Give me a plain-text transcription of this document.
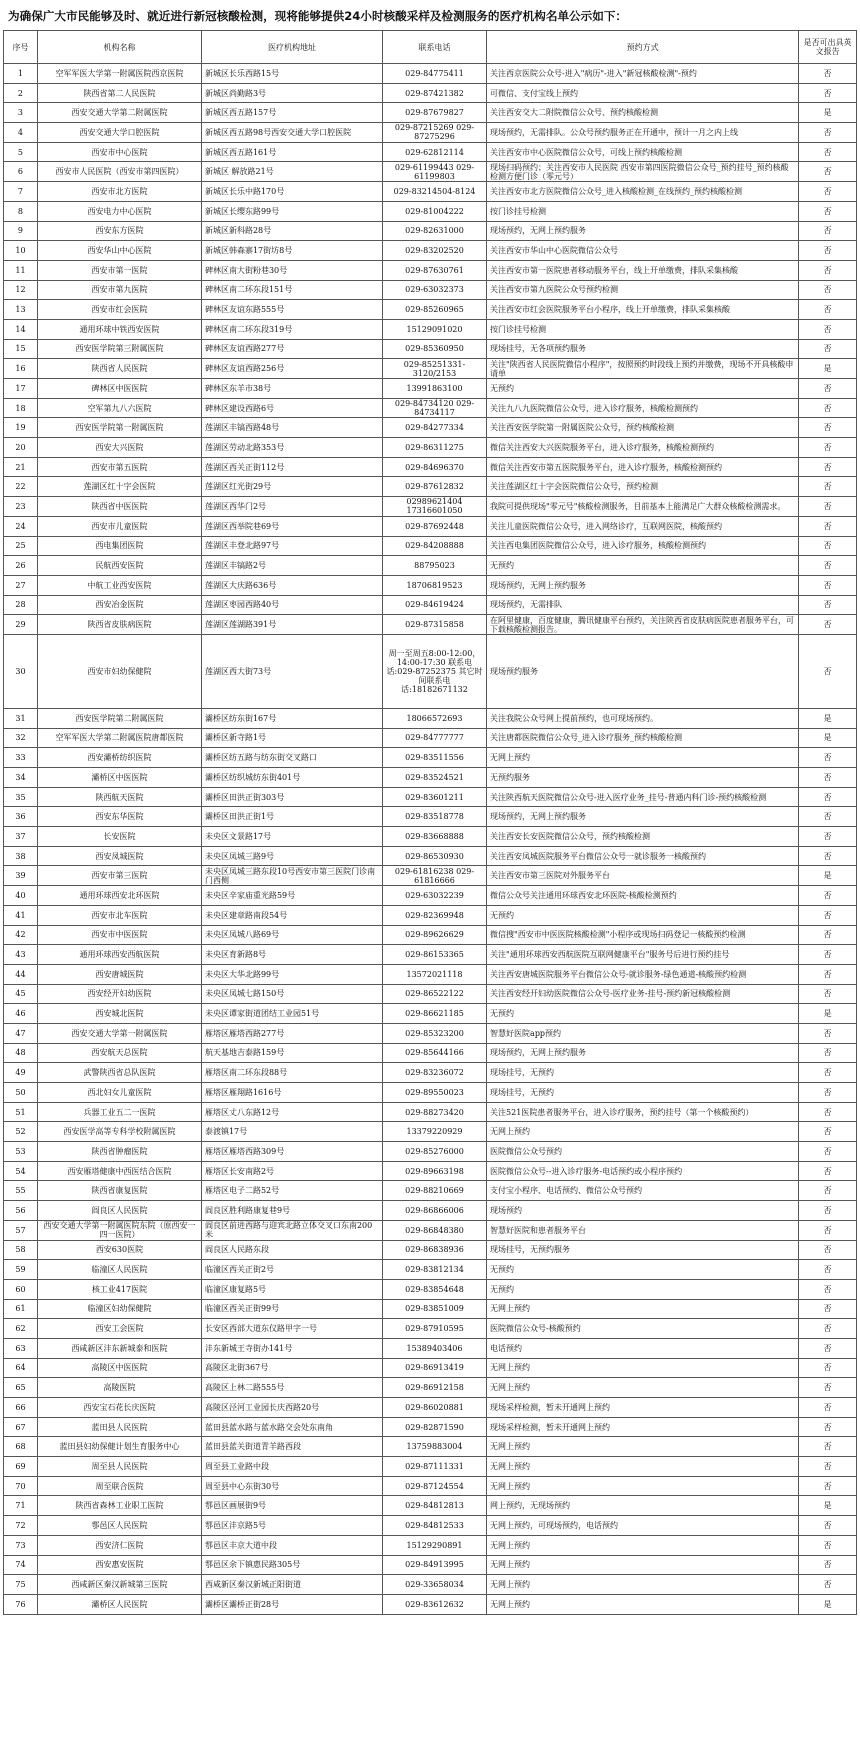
为确保广大市民能够及时、就近进行新冠核酸检测，现将能够提供24小时核酸采样及检测服务的医疗机构名单公示如下：
序号	机构名称	医疗机构地址	联系电话	预约方式	是否可出具英文报告
1	空军军医大学第一附属医院西京医院	新城区长乐西路15号	029-84775411	关注西京医院公众号-进入"病历"-进入"新冠核酸检测"-预约	否
2	陕西省第二人民医院	新城区尚勤路3号	029-87421382	可微信、支付宝线上预约	否
3	西安交通大学第二附属医院	新城区西五路157号	029-87679827	关注西安交大二附院微信公众号、预约核酸检测	是
4	西安交通大学口腔医院	新城区西五路98号西安交通大学口腔医院	029-87215269 029-87275296	现场预约，无需排队。公众号预约服务正在开通中，预计一月之内上线	否
5	西安市中心医院	新城区西五路161号	029-62812114	关注西安市中心医院微信公众号，可线上预约核酸检测	否
6	西安市人民医院（西安市第四医院）	新城区 解放路21号	029-61199443 029-61199803	现场扫码预约；关注西安市人民医院 西安市第四医院微信公众号_预约挂号_预约核酸检测方便门诊（零元号）	否
7	西安市北方医院	新城区长乐中路170号	029-83214504-8124	关注西安市北方医院微信公众号_进入核酸检测_在线预约_预约核酸检测	否
8	西安电力中心医院	新城区长缨东路99号	029-81004222	按门诊挂号检测	否
9	西安东方医院	新城区新科路28号	029-82631000	现场预约，无网上预约服务	否
10	西安华山中心医院	新城区韩森寨17街坊8号	029-83202520	关注西安市华山中心医院微信公众号	否
11	西安市第一医院	碑林区南大街粉巷30号	029-87630761	关注西安市第一医院患者移动服务平台，线上开单缴费，排队采集核酸	否
12	西安市第九医院	碑林区南二环东段151号	029-63032373	关注西安市第九医院公众号预约检测	否
13	西安市红会医院	碑林区友谊东路555号	029-85260965	关注西安市红会医院服务平台小程序，线上开单缴费，排队采集核酸	否
14	通用环球中铁西安医院	碑林区南二环东段319号	15129091020	按门诊挂号检测	否
15	西安医学院第三附属医院	碑林区友谊西路277号	029-85360950	现场挂号，无各项预约服务	否
16	陕西省人民医院	碑林区友谊西路256号	029-85251331-3120/2153	关注"陕西省人民医院微信小程序"，按照预约时段线上预约并缴费，现场不开具核酸申请单	是
17	碑林区中医医院	碑林区东羊市38号	13991863100	无预约	否
18	空军第九八六医院	碑林区建设西路6号	029-84734120 029-84734117	关注九八九医院微信公众号，进入诊疗服务，核酸检测预约	否
19	西安医学院第一附属医院	莲湖区丰镐西路48号	029-84277334	关注西安医学院第一附属医院公众号，预约核酸检测	否
20	西安大兴医院	莲湖区劳动北路353号	029-86311275	微信关注西安大兴医院服务平台，进入诊疗服务，核酸检测预约	否
21	西安市第五医院	莲湖区西关正街112号	029-84696370	微信关注西安市第五医院服务平台，进入诊疗服务，核酸检测预约	否
22	莲湖区红十字会医院	莲湖区红光街29号	029-87612832	关注莲湖区红十字会医院微信公众号，预约检测	否
23	陕西省中医医院	莲湖区西华门2号	02989621404 17316601050	我院可提供现场"零元号"核酸检测服务，目前基本上能满足广大群众核酸检测需求。	否
24	西安市儿童医院	莲湖区西举院巷69号	029-87692448	关注儿童医院微信公众号，进入网络诊疗，互联网医院，核酸预约	否
25	西电集团医院	莲湖区丰登北路97号	029-84208888	关注西电集团医院微信公众号，进入诊疗服务，核酸检测预约	否
26	民航西安医院	莲湖区丰镐路2号	88795023	无预约	否
27	中航工业西安医院	莲湖区大庆路636号	18706819523	现场预约，无网上预约服务	否
28	西安冶金医院	莲湖区枣园西路40号	029-84619424	现场预约，无需排队	否
29	陕西省皮肤病医院	莲湖区莲湖路391号	029-87315858	在阿里健康，百度健康，腾讯健康平台预约，关注陕西省皮肤病医院患者服务平台，可下载核酸检测报告。	否
30	西安市妇幼保健院	莲湖区西大街73号	周一至周五8:00-12:00，14:00-17:30 联系电话:029-87252375 其它时间联系电话:18182671132	现场预约服务	否
31	西安医学院第二附属医院	灞桥区纺东街167号	18066572693	关注我院公众号网上提前预约，也可现场预约。	是
32	空军军医大学第二附属医院唐都医院	灞桥区新寺路1号	029-84777777	关注唐都医院微信公众号_进入诊疗服务_预约核酸检测	是
33	西安灞桥纺织医院	灞桥区纺五路与纺东街交叉路口	029-83511556	无网上预约	否
34	灞桥区中医医院	灞桥区纺织城纺东街401号	029-83524521	无预约服务	否
35	陕西航天医院	灞桥区田洪正街303号	029-83601211	关注陕西航天医院微信公众号-进入医疗业务_挂号-普通内科门诊-预约核酸检测	否
36	西安东华医院	灞桥区田洪正街1号	029-83518778	现场预约，无网上预约服务	否
37	长安医院	未央区文景路17号	029-83668888	关注西安长安医院微信公众号，预约核酸检测	否
38	西安凤城医院	未央区凤城三路9号	029-86530930	关注西安凤城医院服务平台微信公众号一就诊服务一核酸预约	否
39	西安市第三医院	未央区凤城三路东段10号西安市第三医院门诊南门西侧	029-61816238 029-61816666	关注西安市第三医院对外服务平台	是
40	通用环球西安北环医院	未央区辛家庙重光路59号	029-63032239	微信公众号关注通用环球西安北环医院-核酸检测预约	否
41	西安市北车医院	未央区建章路南段54号	029-82369948	无预约	否
42	西安市中医医院	未央区凤城八路69号	029-89626629	微信搜"西安市中医医院核酸检测"小程序或现场扫码登记一核酸预约检测	否
43	通用环球西安西航医院	未央区育新路8号	029-86153365	关注"通用环球西安西航医院互联网健康平台"服务号后进行预约挂号	否
44	西安唐城医院	未央区大华北路99号	13572021118	关注西安唐城医院服务平台微信公众号-就诊服务-绿色通道-核酸预约检测	否
45	西安经开妇幼医院	未央区凤城七路150号	029-86522122	关注西安经开妇幼医院微信公众号-医疗业务-挂号-预约新冠核酸检测	否
46	西安城北医院	未央区谭家街道团结工业园51号	029-86621185	无预约	是
47	西安交通大学第一附属医院	雁塔区雁塔西路277号	029-85323200	智慧好医院app预约	否
48	西安航天总医院	航天基地吉泰路159号	029-85644166	现场预约，无网上预约服务	否
49	武警陕西省总队医院	雁塔区南二环东段88号	029-83236072	现场挂号，无预约	否
50	西北妇女儿童医院	雁塔区雁翔路1616号	029-89550023	现场挂号，无预约	否
51	兵器工业五二一医院	雁塔区丈八东路12号	029-88273420	关注521医院患者服务平台，进入诊疗服务，预约挂号（第一个核酸预约）	否
52	西安医学高等专科学校附属医院	泰渡镇17号	13379220929	无网上预约	否
53	陕西省肿瘤医院	雁塔区雁塔西路309号	029-85276000	医院微信公众号预约	否
54	西安雁塔健康中西医结合医院	雁塔区长安南路2号	029-89663198	医院微信公众号--进入诊疗服务-电话预约或小程序预约	否
55	陕西省康复医院	雁塔区电子二路52号	029-88210669	支付宝小程序、电话预约、微信公众号预约	否
56	阎良区人民医院	阎良区胜利路康复巷9号	029-86866006	现场预约	否
57	西安交通大学第一附属医院东院（原西安一四一医院）	阎良区前进西路与迎宾北路立体交叉口东南200米	029-86848380	智慧好医院和患者服务平台	否
58	西安630医院	阎良区人民路东段	029-86838936	现场挂号，无预约服务	否
59	临潼区人民医院	临潼区西关正街2号	029-83812134	无预约	否
60	核工业417医院	临潼区康复路5号	029-83854648	无预约	否
61	临潼区妇幼保健院	临潼区西关正街99号	029-83851009	无网上预约	否
62	西安工会医院	长安区西部大道东仪路甲字一号	029-87910595	医院微信公众号-核酸预约	否
63	西咸新区沣东新城泰和医院	沣东新城王寺街办141号	15389403406	电话预约	否
64	高陵区中医医院	高陵区北街367号	029-86913419	无网上预约	否
65	高陵医院	高陵区上林二路555号	029-86912158	无网上预约	否
66	西安宝石花长庆医院	高陵区泾河工业园长庆西路20号	029-86020881	现场采样检测，暂未开通网上预约	否
67	蓝田县人民医院	蓝田县蓝水路与蓝水路交会处东南角	029-82871590	现场采样检测，暂未开通网上预约	否
68	蓝田县妇幼保健计划生育服务中心	蓝田县蓝关街道青羊路西段	13759883004	无网上预约	否
69	周至县人民医院	周至县工业路中段	029-87111331	无网上预约	否
70	周至联合医院	周至县中心东街30号	029-87124554	无网上预约	否
71	陕西省森林工业职工医院	鄠邑区画展街9号	029-84812813	网上预约，无现场预约	是
72	鄠邑区人民医院	鄠邑区沣京路5号	029-84812533	无网上预约，可现场预约，电话预约	否
73	西安济仁医院	鄠邑区丰京大道中段	15129290891	无网上预约	否
74	西安惠安医院	鄠邑区余下镇惠民路305号	029-84913995	无网上预约	否
75	西咸新区秦汉新城第三医院	西咸新区秦汉新城正阳街道	029-33658034	无网上预约	否
76	灞桥区人民医院	灞桥区灞桥正街28号	029-83612632	无网上预约	是
